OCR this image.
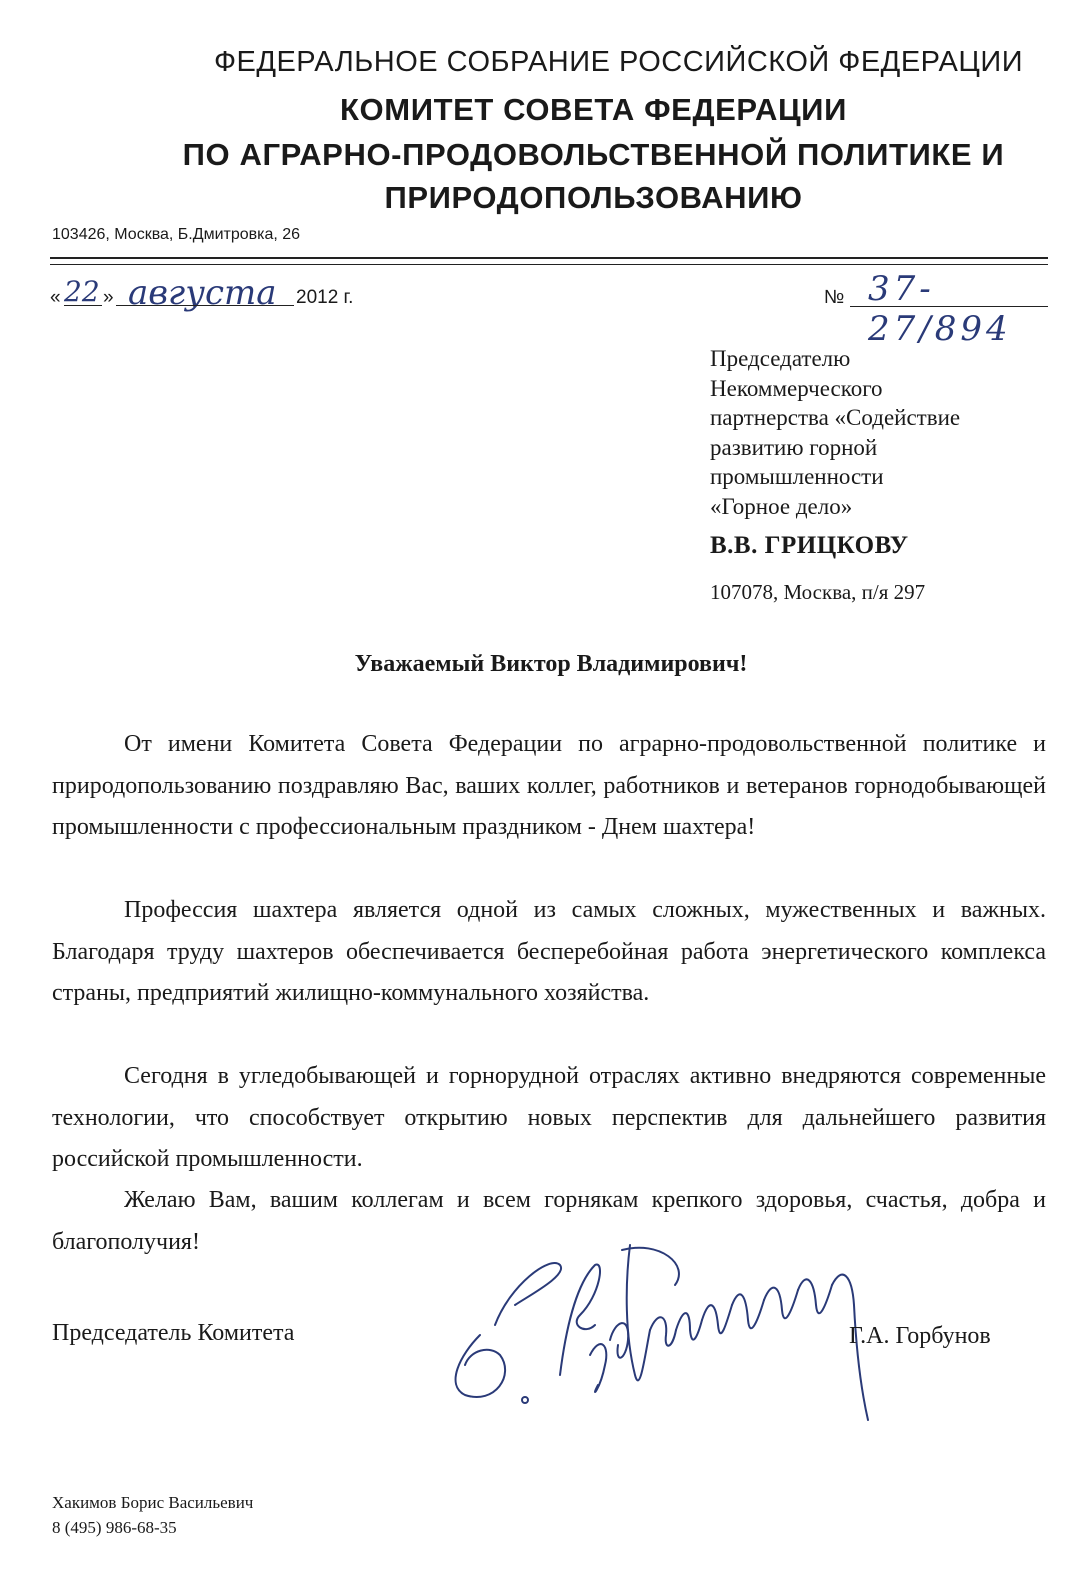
ФЕДЕРАЛЬНОЕ СОБРАНИЕ РОССИЙСКОЙ ФЕДЕРАЦИИ
КОМИТЕТ СОВЕТА ФЕДЕРАЦИИ
ПО АГРАРНО-ПРОДОВОЛЬСТВЕННОЙ ПОЛИТИКЕ И
ПРИРОДОПОЛЬЗОВАНИЮ
103426, Москва, Б.Дмитровка, 26
« 22 » августа 2012 г.	№ 37-27/894
Председателю
Некоммерческого
партнерства «Содействие
развитию горной
промышленности
«Горное дело»
В.В. ГРИЦКОВУ
107078, Москва, п/я 297
Уважаемый Виктор Владимирович!
От имени Комитета Совета Федерации по аграрно-продовольственной политике и природопользованию поздравляю Вас, ваших коллег, работников и ветеранов горнодобывающей промышленности с профессиональным праздником - Днем шахтера!
Профессия шахтера является одной из самых сложных, мужественных и важных. Благодаря труду шахтеров обеспечивается бесперебойная работа энергетического комплекса страны, предприятий жилищно-коммунального хозяйства.
Сегодня в угледобывающей и горнорудной отраслях активно внедряются современные технологии, что способствует открытию новых перспектив для дальнейшего развития российской промышленности.
Желаю Вам, вашим коллегам и всем горнякам крепкого здоровья, счастья, добра и благополучия!
Председатель Комитета	Г.А. Горбунов
Хакимов Борис Васильевич
8 (495) 986-68-35
